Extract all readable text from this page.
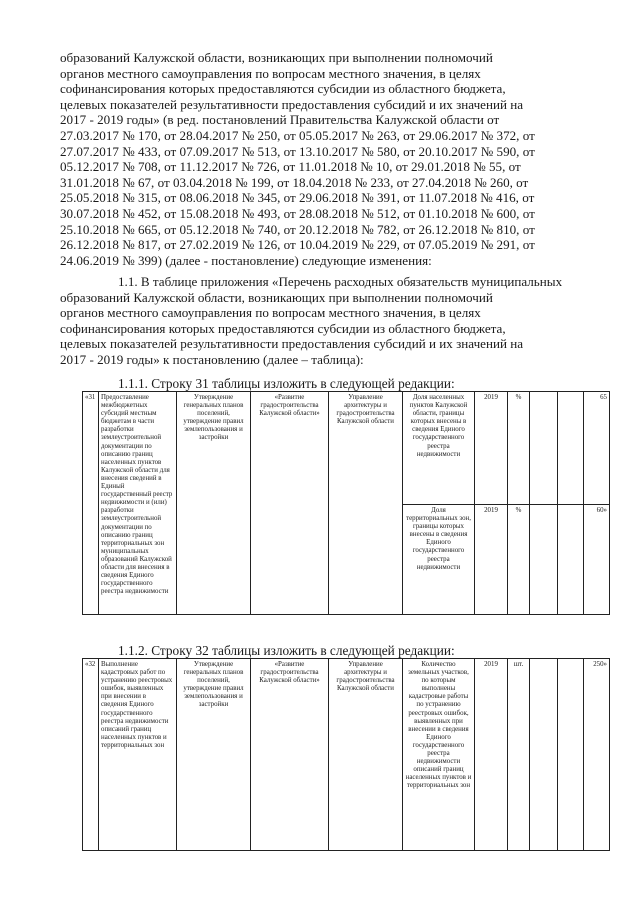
образований Калужской области, возникающих при выполнении полномочий

органов местного самоуправления по вопросам местного значения, в целях

софинансирования которых предоставляются субсидии из областного бюджета,

целевых показателей результативности предоставления субсидий и их значений на

2017 - 2019 годы» (в ред. постановлений Правительства Калужской области от

27.03.2017 № 170, от 28.04.2017 № 250, от 05.05.2017 № 263, от 29.06.2017 № 372, от

27.07.2017 № 433, от 07.09.2017 № 513, от 13.10.2017 № 580, от 20.10.2017 № 590, от

05.12.2017 № 708, от 11.12.2017 № 726, от 11.01.2018 № 10, от 29.01.2018 № 55, от

31.01.2018 № 67, от 03.04.2018 № 199, от 18.04.2018 № 233, от 27.04.2018 № 260, от

25.05.2018 № 315, от 08.06.2018 № 345, от 29.06.2018 № 391, от 11.07.2018 № 416, от

30.07.2018 № 452, от 15.08.2018 № 493, от 28.08.2018 № 512, от 01.10.2018 № 600, от

25.10.2018 № 665, от 05.12.2018 № 740, от 20.12.2018 № 782, от 26.12.2018 № 810, от

26.12.2018 № 817, от 27.02.2019 № 126, от 10.04.2019 № 229, от 07.05.2019 № 291, от

24.06.2019 № 399) (далее - постановление) следующие изменения:

1.1. В таблице приложения «Перечень расходных обязательств муниципальных

образований Калужской области, возникающих при выполнении полномочий

органов местного самоуправления по вопросам местного значения, в целях

софинансирования которых предоставляются субсидии из областного бюджета,

целевых показателей результативности предоставления субсидий и их значений на

2017 - 2019 годы» к постановлению (далее – таблица):

1.1.1. Строку 31 таблицы изложить в следующей редакции:

«31	Предоставление межбюджетных субсидий местным бюджетам в части разработки землеустроительной документации по описанию границ населенных пунктов Калужской области для внесения сведений в Единый государственный реестр недвижимости и (или) разработки землеустроительной документации по описанию границ территориальных зон муниципальных образований Калужской области для внесения в сведения Единого государственного реестра недвижимости	Утверждение генеральных планов поселений, утверждение правил землепользования и застройки	«Развитие градостроительства Калужской области»	Управление архитектуры и градостроительства Калужской области	Доля населенных пунктов Калужской области, границы которых внесены в сведения Единого государственного реестра недвижимости	2019	%			65
					Доля территориальных зон, границы которых внесены в сведения Единого государственного реестра недвижимости	2019	%			60»

1.1.2. Строку 32 таблицы изложить в следующей редакции:

«32	Выполнение кадастровых работ по устранению реестровых ошибок, выявленных при внесении в сведения Единого государственного реестра недвижимости описаний границ населенных пунктов и территориальных зон	Утверждение генеральных планов поселений, утверждение правил землепользования и застройки	«Развитие градостроительства Калужской области»	Управление архитектуры и градостроительства Калужской области	Количество земельных участков, по которым выполнены кадастровые работы по устранению реестровых ошибок, выявленных при внесении в сведения Единого государственного реестра недвижимости описаний границ населенных пунктов и территориальных зон	2019	шт.			250»
